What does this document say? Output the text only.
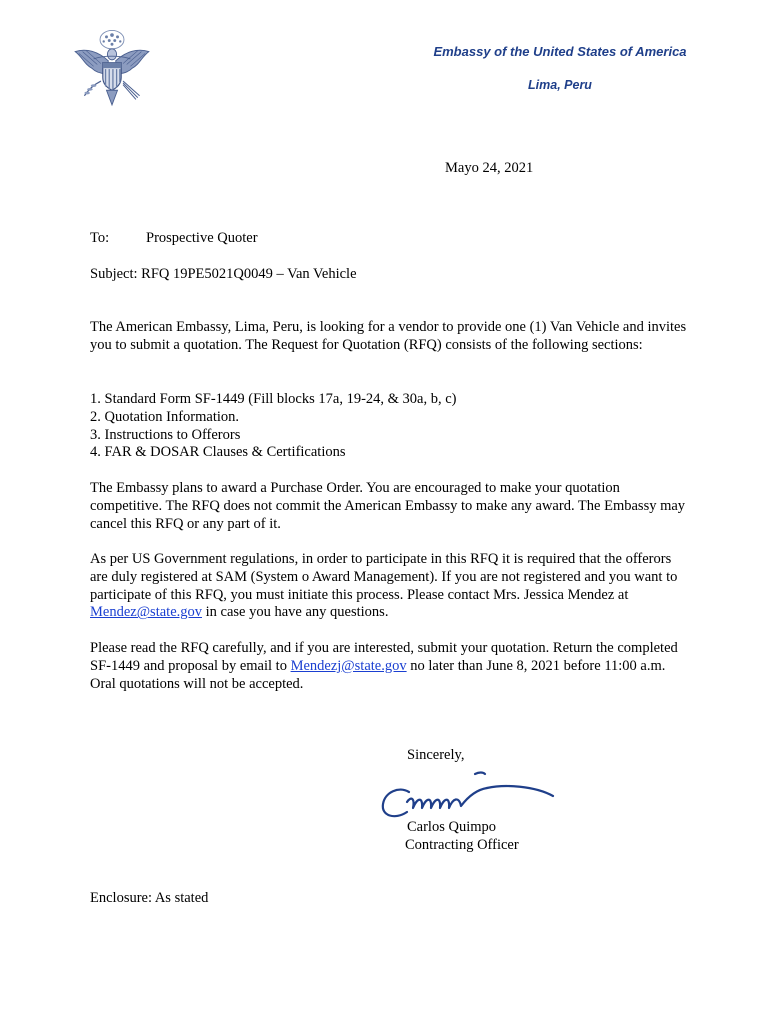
Embassy of the United States of America
Lima, Peru
Mayo 24, 2021
To:	Prospective Quoter
Subject: RFQ 19PE5021Q0049 – Van Vehicle
The American Embassy, Lima, Peru, is looking for a vendor to provide one (1) Van Vehicle and invites you to submit a quotation. The Request for Quotation (RFQ) consists of the following sections:
1. Standard Form SF-1449 (Fill blocks 17a, 19-24, & 30a, b, c)
2. Quotation Information.
3. Instructions to Offerors
4. FAR & DOSAR Clauses & Certifications
The Embassy plans to award a Purchase Order. You are encouraged to make your quotation competitive. The RFQ does not commit the American Embassy to make any award. The Embassy may cancel this RFQ or any part of it.
As per US Government regulations, in order to participate in this RFQ it is required that the offerors are duly registered at SAM (System o Award Management). If you are not registered and you want to participate of this RFQ, you must initiate this process. Please contact Mrs. Jessica Mendez at Mendez@state.gov in case you have any questions.
Please read the RFQ carefully, and if you are interested, submit your quotation. Return the completed SF-1449 and proposal by email to Mendezj@state.gov no later than June 8, 2021 before 11:00 a.m. Oral quotations will not be accepted.
Sincerely,
Carlos Quimpo
Contracting Officer
Enclosure: As stated
